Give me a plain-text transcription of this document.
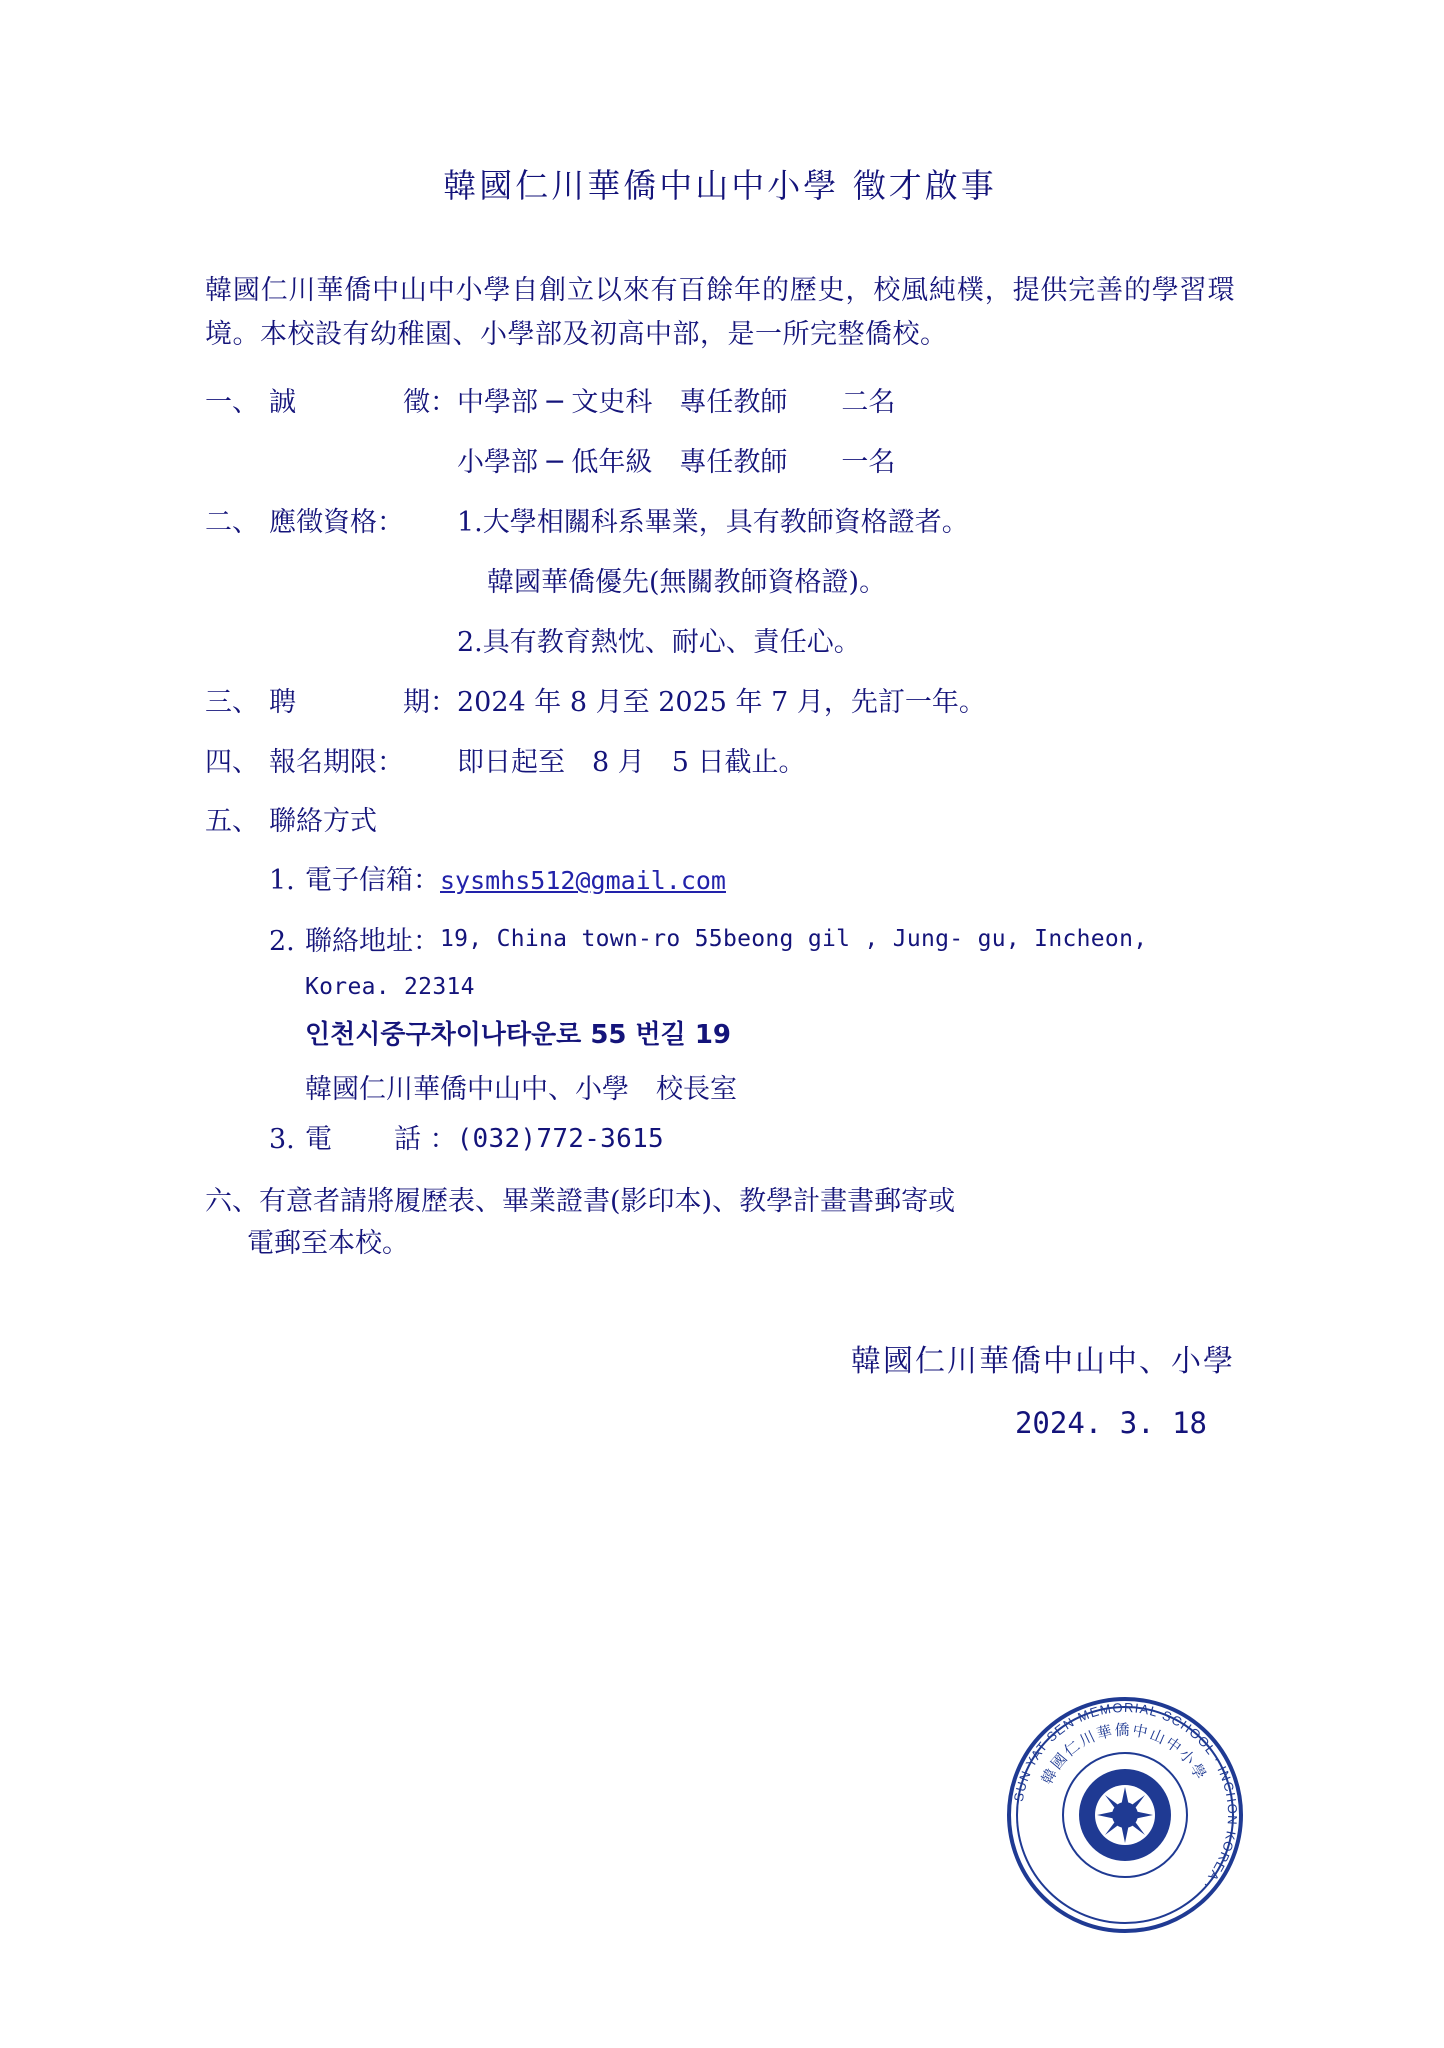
韓國仁川華僑中山中小學 徵才啟事

韓國仁川華僑中山中小學自創立以來有百餘年的歷史，校風純樸，提供完善的學習環境。本校設有幼稚園、小學部及初高中部，是一所完整僑校。

一、 誠	徵： 中學部 ─ 文史科　專任教師　　二名
小學部 ─ 低年級　專任教師　　一名
二、 應徵資格：	1.大學相關科系畢業，具有教師資格證者。
韓國華僑優先(無關教師資格證)。
2.具有教育熱忱、耐心、責任心。
三、 聘	期： 2024 年 8 月至 2025 年 7 月，先訂一年。
四、 報名期限：	即日起至　8 月　5 日截止。
五、 聯絡方式
1. 電子信箱： sysmhs512@gmail.com
2. 聯絡地址： 19, China town-ro 55beong gil , Jung- gu, Incheon,
Korea. 22314
인천시중구차이나타운로 55 번길 19
韓國仁川華僑中山中、小學　校長室
3. 電	話 ： (032)772-3615
六、有意者請將履歷表、畢業證書(影印本)、教學計畫書郵寄或
電郵至本校。
韓國仁川華僑中山中、小學
2024. 3. 18
SUN YAT SEN MEMORIAL SCHOOL · INCHON KOREA ·
韓國仁川華僑中山中小學
